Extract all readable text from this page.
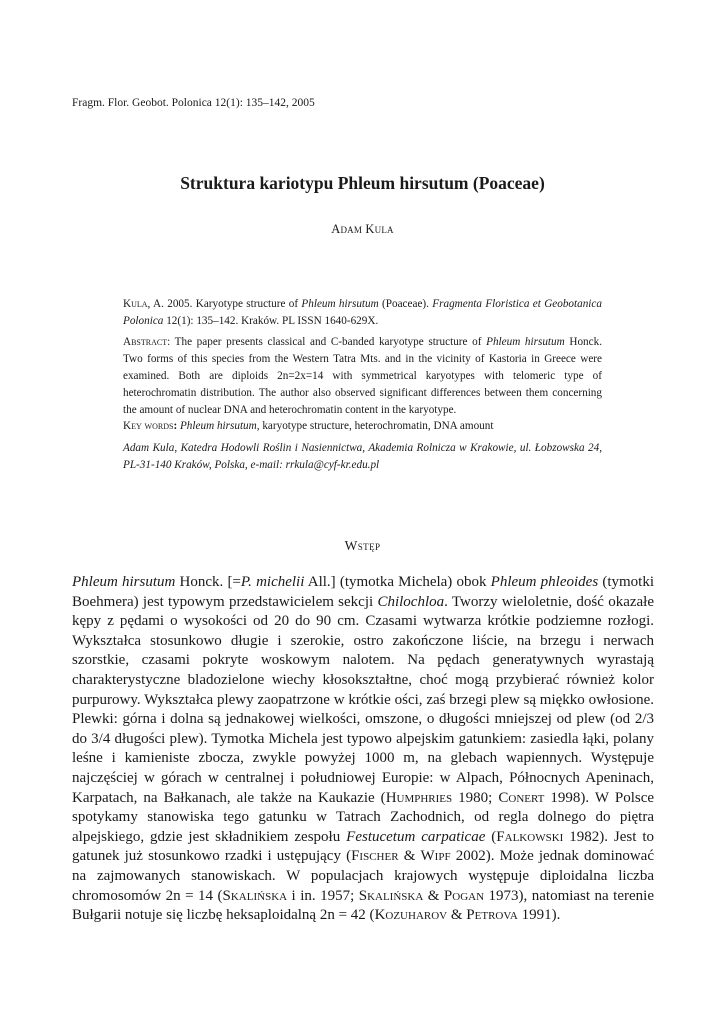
Fragm. Flor. Geobot. Polonica 12(1): 135–142, 2005
Struktura kariotypu Phleum hirsutum (Poaceae)
Adam Kula
Kula, A. 2005. Karyotype structure of Phleum hirsutum (Poaceae). Fragmenta Floristica et Geobotanica Polonica 12(1): 135–142. Kraków. PL ISSN 1640-629X.
Abstract: The paper presents classical and C-banded karyotype structure of Phleum hirsutum Honck. Two forms of this species from the Western Tatra Mts. and in the vicinity of Kastoria in Greece were examined. Both are diploids 2n=2x=14 with symmetrical karyotypes with telomeric type of heterochromatin distribution. The author also observed significant differences between them concerning the amount of nuclear DNA and heterochromatin content in the karyotype.
Key words: Phleum hirsutum, karyotype structure, heterochromatin, DNA amount
Adam Kula, Katedra Hodowli Roślin i Nasiennictwa, Akademia Rolnicza w Krakowie, ul. Łobzowska 24, PL-31-140 Kraków, Polska, e-mail: rrkula@cyf-kr.edu.pl
Wstęp

Phleum hirsutum Honck. [=P. michelii All.] (tymotka Michela) obok Phleum phleoides (tymotki Boehmera) jest typowym przedstawicielem sekcji Chilochloa. Tworzy wieloletnie, dość okazałe kępy z pędami o wysokości od 20 do 90 cm. Czasami wytwarza krótkie podziemne rozłogi. Wykształca stosunkowo długie i szerokie, ostro zakończone liście, na brzegu i nerwach szorstkie, czasami pokryte woskowym nalotem. Na pędach generatywnych wyrastają charakterystyczne bladozielone wiechy kłosokształtne, choć mogą przybierać również kolor purpurowy. Wykształca plewy zaopatrzone w krótkie ości, zaś brzegi plew są miękko owłosione. Plewki: górna i dolna są jednakowej wielkości, omszone, o długości mniejszej od plew (od 2/3 do 3/4 długości plew). Tymotka Michela jest typowo alpejskim gatunkiem: zasiedla łąki, polany leśne i kamieniste zbocza, zwykle powyżej 1000 m, na glebach wapiennych. Występuje najczęściej w górach w centralnej i południowej Europie: w Alpach, Północnych Apeninach, Karpatach, na Bałkanach, ale także na Kaukazie (Humphries 1980; Conert 1998). W Polsce spotykamy stanowiska tego gatunku w Tatrach Zachodnich, od regla dolnego do piętra alpejskiego, gdzie jest składnikiem zespołu Festucetum carpaticae (Falkowski 1982). Jest to gatunek już stosunkowo rzadki i ustępujący (Fischer & Wipf 2002). Może jednak dominować na zajmowanych stanowiskach. W populacjach krajowych występuje diploidalna liczba chromosomów 2n = 14 (Skalińska i in. 1957; Skalińska & Pogan 1973), natomiast na terenie Bułgarii notuje się liczbę heksaploidalną 2n = 42 (Kozuharov & Petrova 1991).
